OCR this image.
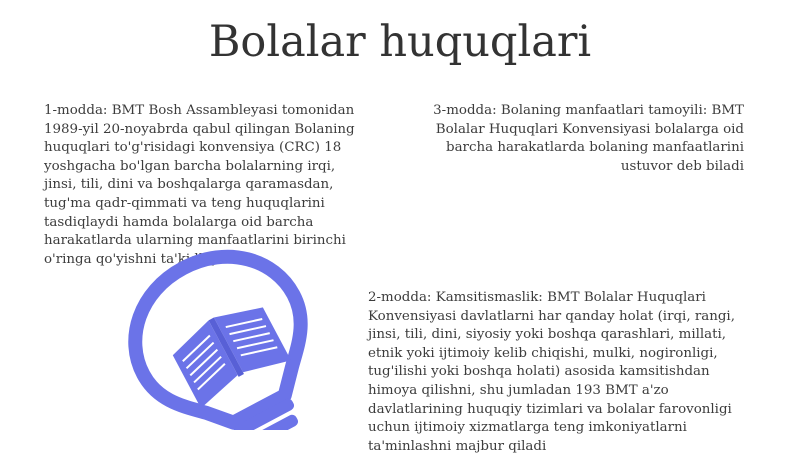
Bolalar huquqlari
1-modda: BMT Bosh Assambleyasi tomonidan 1989-yil 20-noyabrda qabul qilingan Bolaning huquqlari to'g'risidagi konvensiya (CRC) 18 yoshgacha bo'lgan barcha bolalarning irqi, jinsi, tili, dini va boshqalarga qaramasdan, tug'ma qadr-qimmati va teng huquqlarini tasdiqlaydi hamda bolalarga oid barcha harakatlarda ularning manfaatlarini birinchi o'ringa qo'yishni ta'kidlaydi
3-modda: Bolaning manfaatlari tamoyili: BMT Bolalar Huquqlari Konvensiyasi bolalarga oid barcha harakatlarda bolaning manfaatlarini ustuvor deb biladi
2-modda: Kamsitismaslik: BMT Bolalar Huquqlari Konvensiyasi davlatlarni har qanday holat (irqi, rangi, jinsi, tili, dini, siyosiy yoki boshqa qarashlari, millati, etnik yoki ijtimoiy kelib chiqishi, mulki, nogironligi, tug'ilishi yoki boshqa holati) asosida kamsitishdan himoya qilishni, shu jumladan 193 BMT a'zo davlatlarining huquqiy tizimlari va bolalar farovonligi uchun ijtimoiy xizmatlarga teng imkoniyatlarni ta'minlashni majbur qiladi
